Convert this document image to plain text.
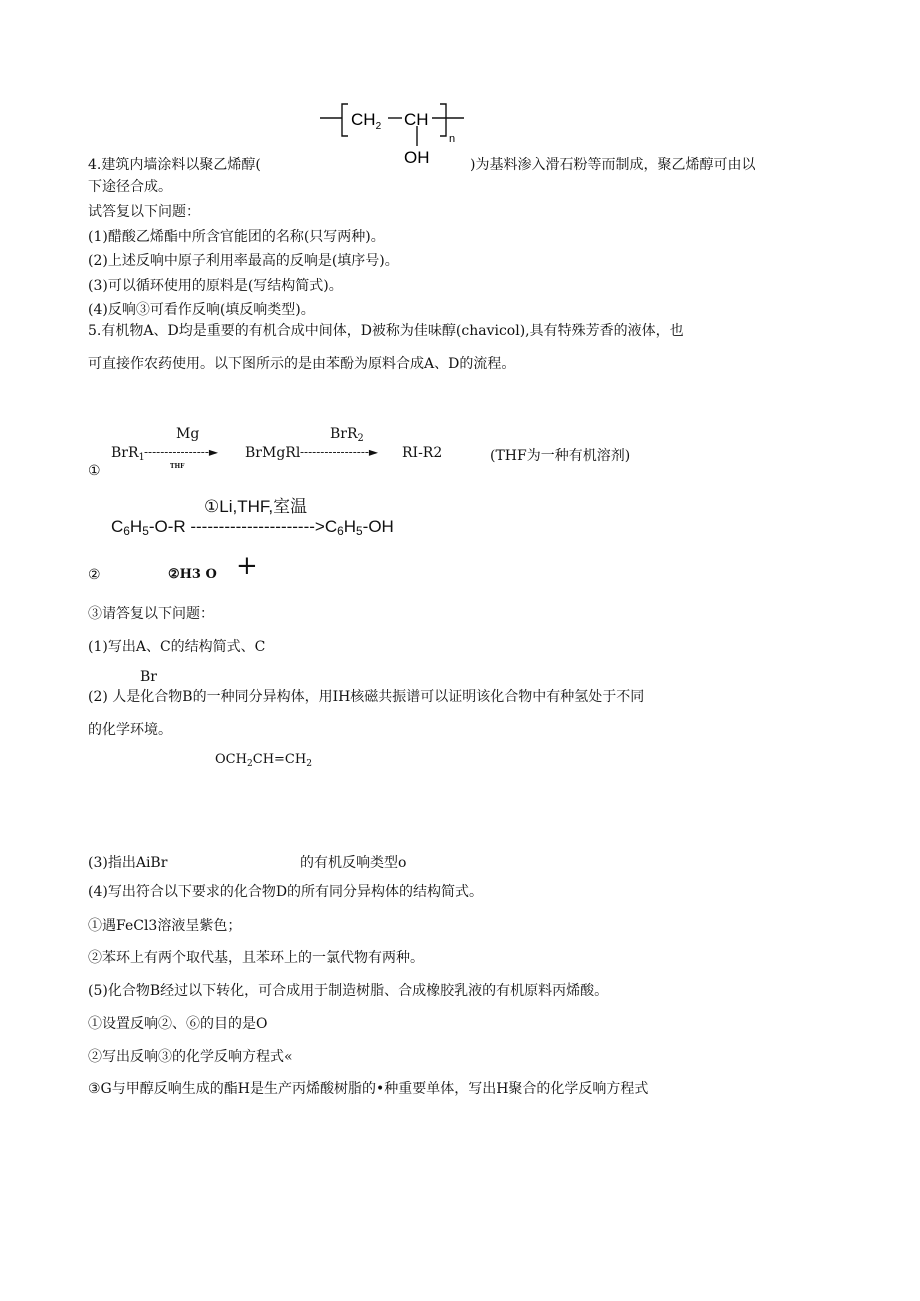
$CH_2$ CH
n
OH
4.建筑内墙涂料以聚乙烯醇(	)为基料渗入滑石粉等而制成，聚乙烯醇可由以
下途径合成。
试答复以下问题：
(1)醋酸乙烯酯中所含官能团的名称(只写两种)。
(2)上述反响中原子利用率最高的反响是(填序号)。
(3)可以循环使用的原料是(写结构简式)。
(4)反响③可看作反响(填反响类型)。
5.有机物A、D均是重要的有机合成中间体，D被称为佳味醇(chavicol),具有特殊芳香的液体，也
可直接作农药使用。以下图所示的是由苯酚为原料合成A、D的流程。
Mg	BrR$_2$
BrR$_1$ ----------------► BrMgRl -----------------► RI-R2	(THF为一种有机溶剂)
①	THF
①Li,THF,室温
$C_6H_5-O-R$ $---------------------->C_6H_5-OH$
②	②H3 O +
③请答复以下问题：
(1)写出A、C的结构简式、C
Br
(2) 人是化合物B的一种同分异构体，用IH核磁共振谱可以证明该化合物中有种氢处于不同
的化学环境。
$OCH_2CH=CH_2$
(3)指出AiBr	的有机反响类型o
(4)写出符合以下要求的化合物D的所有同分异构体的结构简式。
①遇FeCl3溶液呈紫色；
②苯环上有两个取代基，且苯环上的一氯代物有两种。
(5)化合物B经过以下转化，可合成用于制造树脂、合成橡胶乳液的有机原料丙烯酸。
①设置反响②、⑥的目的是O
②写出反响③的化学反响方程式«
③G与甲醇反响生成的酯H是生产丙烯酸树脂的•种重要单体，写出H聚合的化学反响方程式
